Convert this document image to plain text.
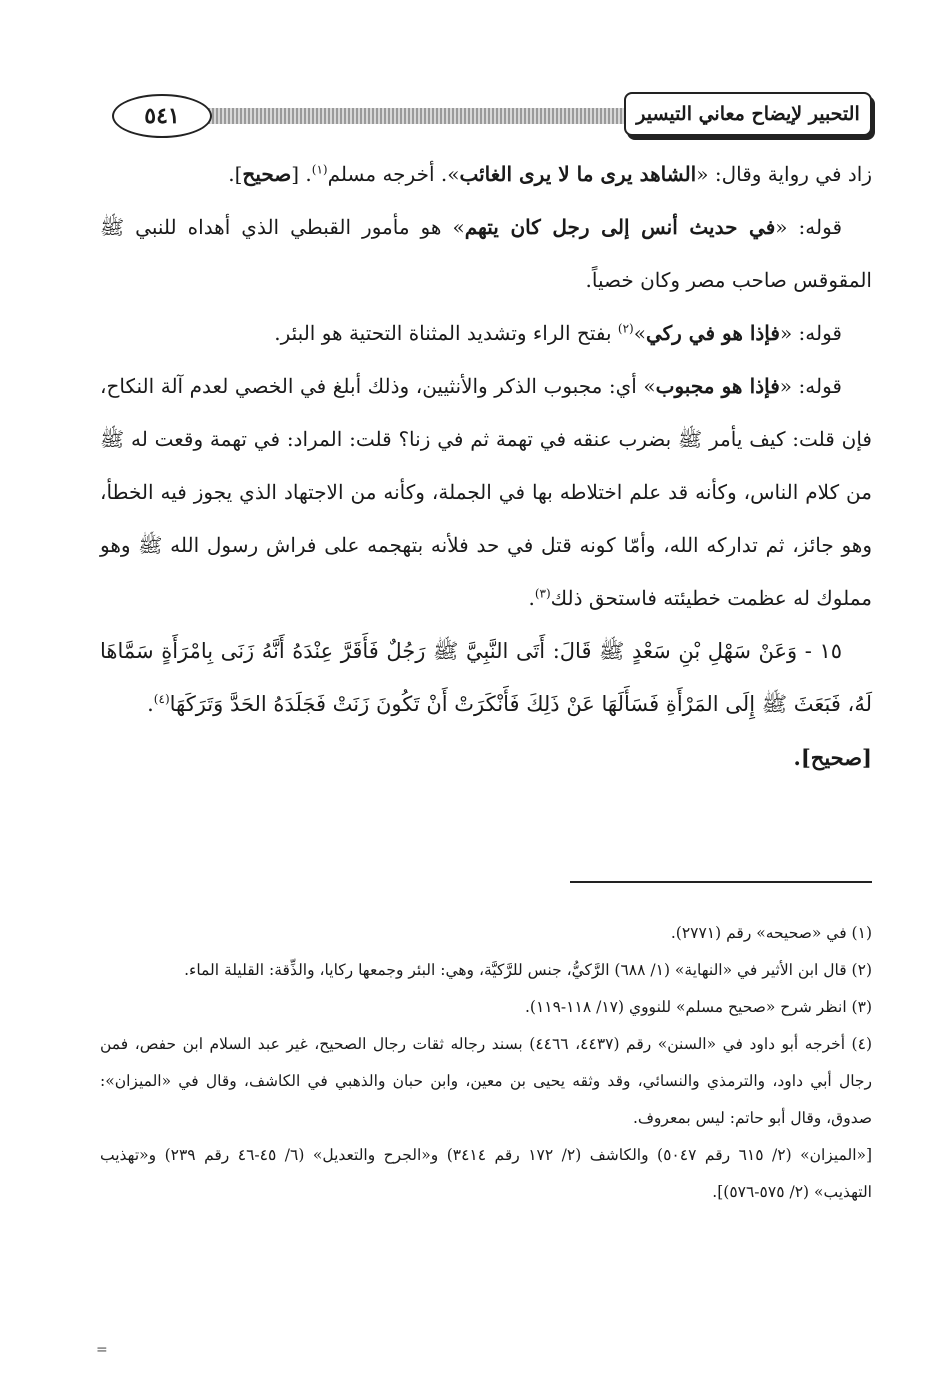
٥٤١	التحبير لإيضاح معاني التيسير

زاد في رواية وقال: «الشاهد يرى ما لا يرى الغائب». أخرجه مسلم$^{(١)}$. [صحيح].

قوله: «في حديث أنس إلى رجل كان يتهم» هو مأمور القبطي الذي أهداه للنبي ﷺ المقوقس صاحب مصر وكان خصياً.

قوله: «فإذا هو في ركي»$^{(٢)}$ بفتح الراء وتشديد المثناة التحتية هو البئر.

قوله: «فإذا هو مجبوب» أي: مجبوب الذكر والأنثيين، وذلك أبلغ في الخصي لعدم آلة النكاح، فإن قلت: كيف يأمر ﷺ بضرب عنقه في تهمة ثم في زنا؟ قلت: المراد: في تهمة وقعت له ﷺ من كلام الناس، وكأنه قد علم اختلاطه بها في الجملة، وكأنه من الاجتهاد الذي يجوز فيه الخطأ، وهو جائز، ثم تداركه الله، وأمّا كونه قتل في حد فلأنه بتهجمه على فراش رسول الله ﷺ وهو مملوك له عظمت خطيئته فاستحق ذلك$^{(٣)}$.

١٥ - وَعَنْ سَهْلِ بْنِ سَعْدٍ ﷺ قَالَ: أَتَى النَّبِيَّ ﷺ رَجُلٌ فَأَقَرَّ عِنْدَهُ أَنَّهُ زَنَى بِامْرَأَةٍ سَمَّاهَا لَهُ، فَبَعَثَ ﷺ إِلَى المَرْأَةِ فَسَأَلَهَا عَنْ ذَلِكَ فَأَنْكَرَتْ أَنْ تَكُونَ زَنَتْ فَجَلَدَهُ الحَدَّ وَتَرَكَهَا$^{(٤)}$.

[صحيح].

(١) في «صحيحه» رقم (٢٧٧١).

(٢) قال ابن الأثير في «النهاية» (١/ ٦٨٨) الرَّكيُّ، جنس للرَّكيَّة، وهي: البئر وجمعها ركايا، والذِّقة: القليلة الماء.

(٣) انظر شرح «صحيح مسلم» للنووي (١٧/ ١١٨-١١٩).

(٤) أخرجه أبو داود في «السنن» رقم (٤٤٣٧، ٤٤٦٦) بسند رجاله ثقات رجال الصحيح، غير عبد السلام ابن حفص، فمن رجال أبي داود، والترمذي والنسائي، وقد وثقه يحيى بن معين، وابن حبان والذهبي في الكاشف، وقال في «الميزان»: صدوق، وقال أبو حاتم: ليس بمعروف.

[«الميزان» (٢/ ٦١٥ رقم ٥٠٤٧) والكاشف (٢/ ١٧٢ رقم ٣٤١٤) و«الجرح والتعديل» (٦/ ٤٥-٤٦ رقم ٢٣٩) و«تهذيب التهذيب» (٢/ ٥٧٥-٥٧٦)].

=
